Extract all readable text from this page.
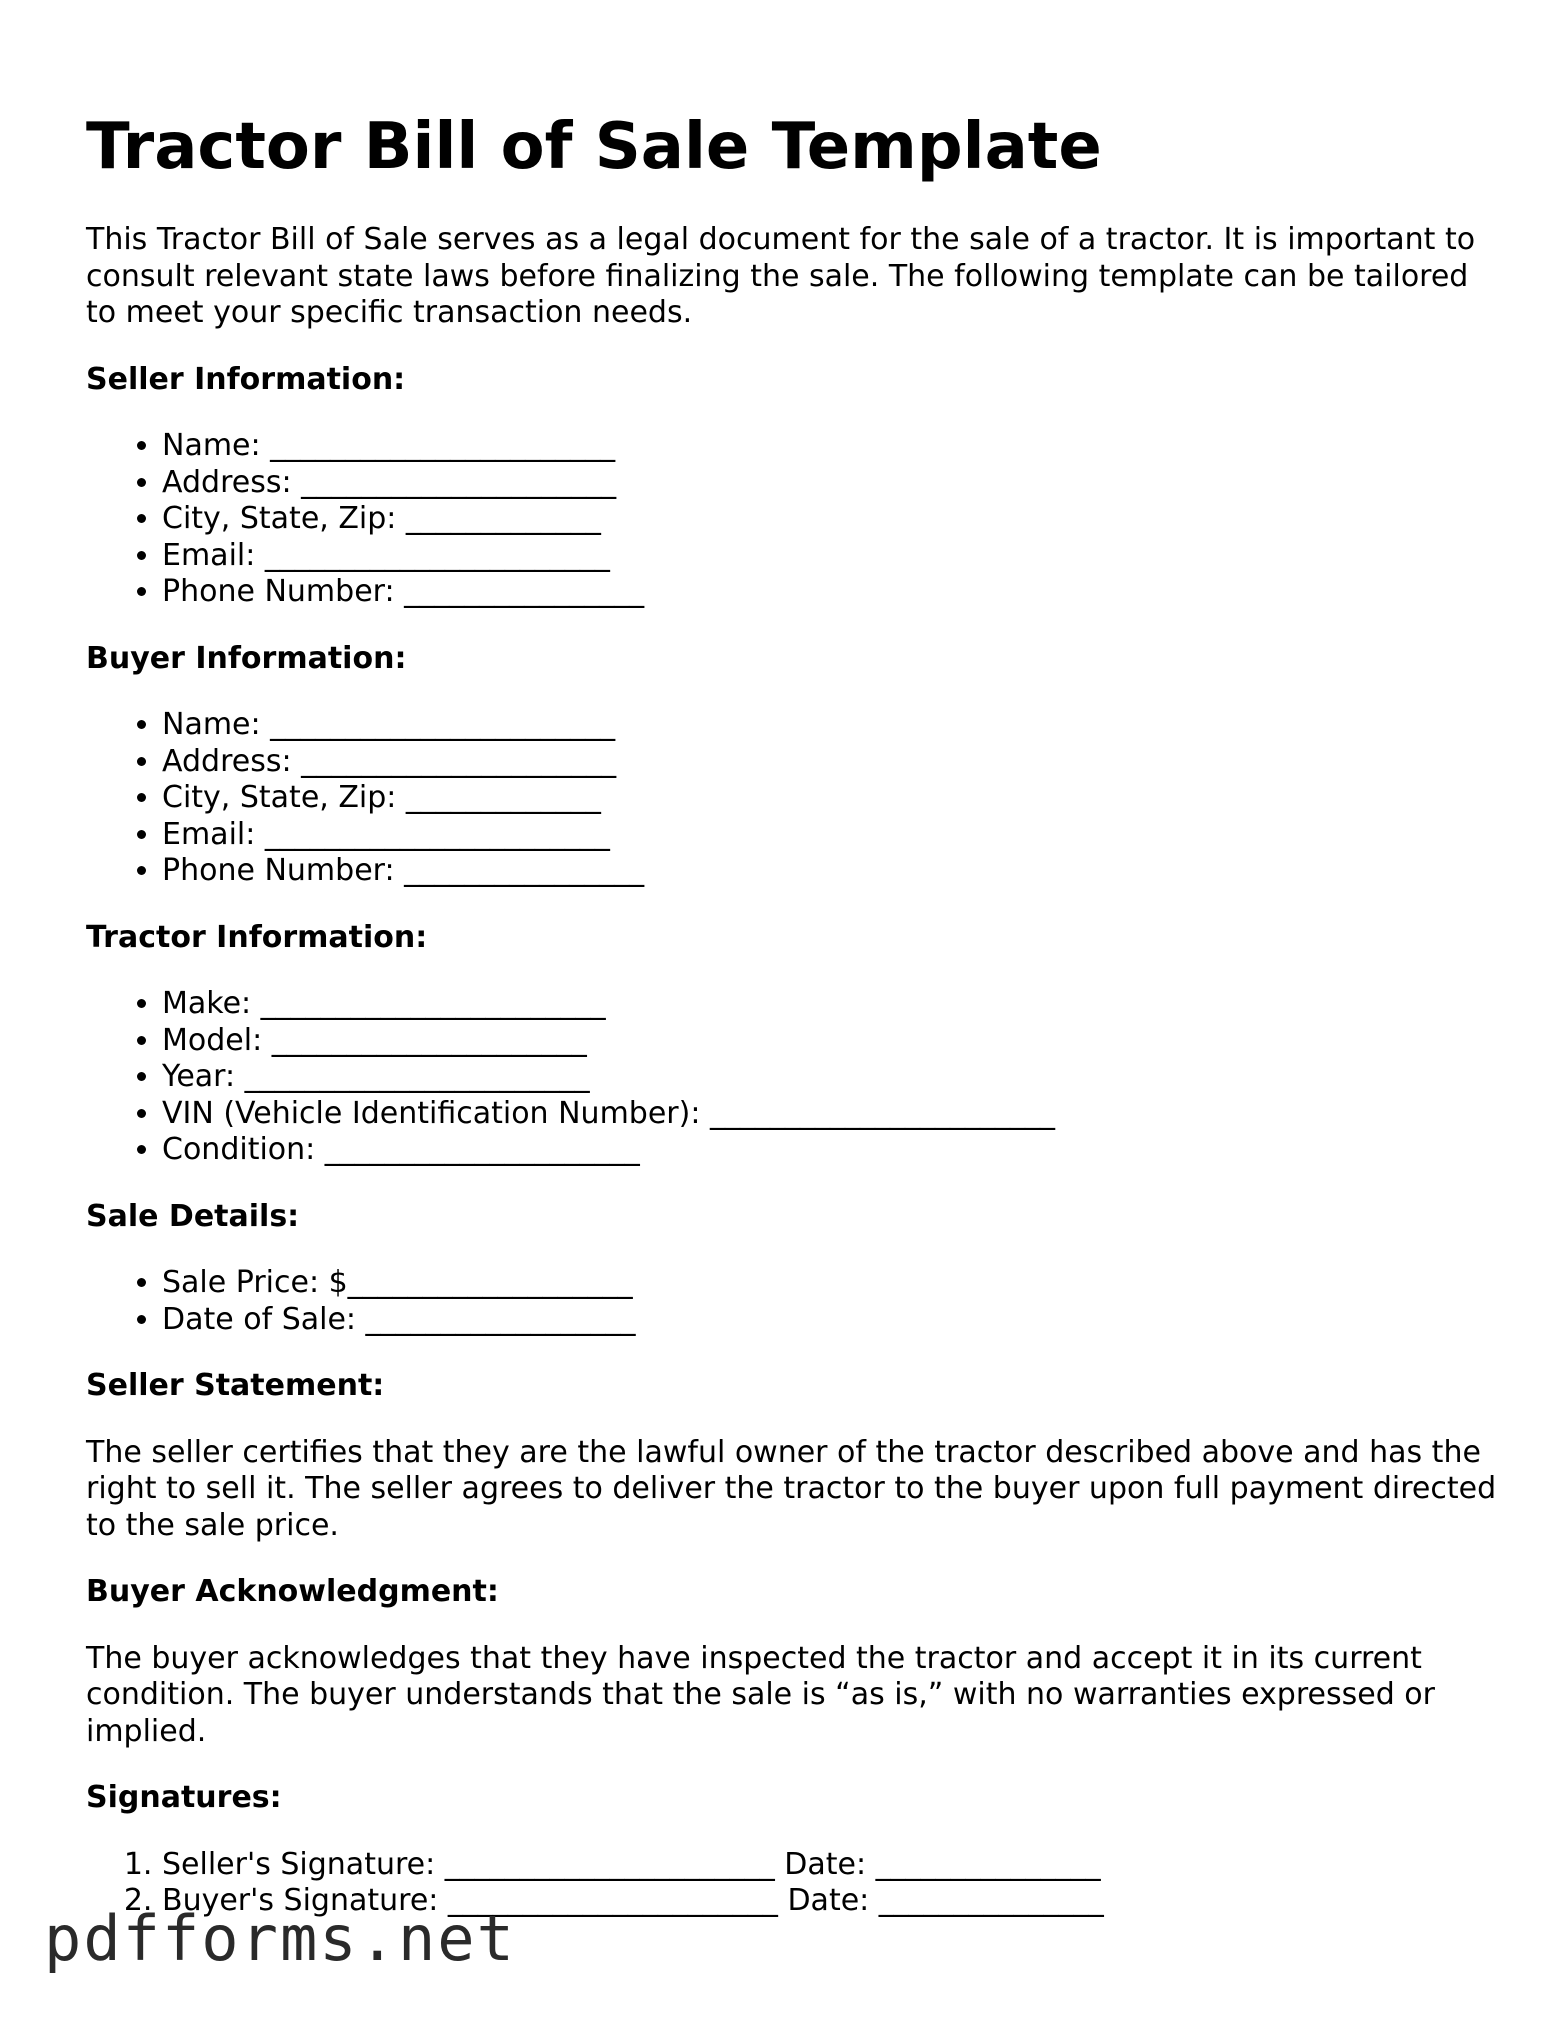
Tractor Bill of Sale Template

This Tractor Bill of Sale serves as a legal document for the sale of a tractor. It is important to consult relevant state laws before finalizing the sale. The following template can be tailored to meet your specific transaction needs.

Seller Information:
• Name: _______________________
• Address: _____________________
• City, State, Zip: _____________
• Email: _______________________
• Phone Number: ________________
Buyer Information:
• Name: _______________________
• Address: _____________________
• City, State, Zip: _____________
• Email: _______________________
• Phone Number: ________________
Tractor Information:
• Make: _______________________
• Model: _____________________
• Year: _______________________
• VIN (Vehicle Identification Number): _______________________
• Condition: _____________________
Sale Details:
• Sale Price: $___________________
• Date of Sale: __________________
Seller Statement:

The seller certifies that they are the lawful owner of the tractor described above and has the right to sell it. The seller agrees to deliver the tractor to the buyer upon full payment directed to the sale price.

Buyer Acknowledgment:

The buyer acknowledges that they have inspected the tractor and accept it in its current condition. The buyer understands that the sale is “as is,” with no warranties expressed or implied.

Signatures:
1. Seller's Signature: ______________________ Date: _______________
2. Buyer's Signature: ______________________ Date: _______________
pdfforms.net
